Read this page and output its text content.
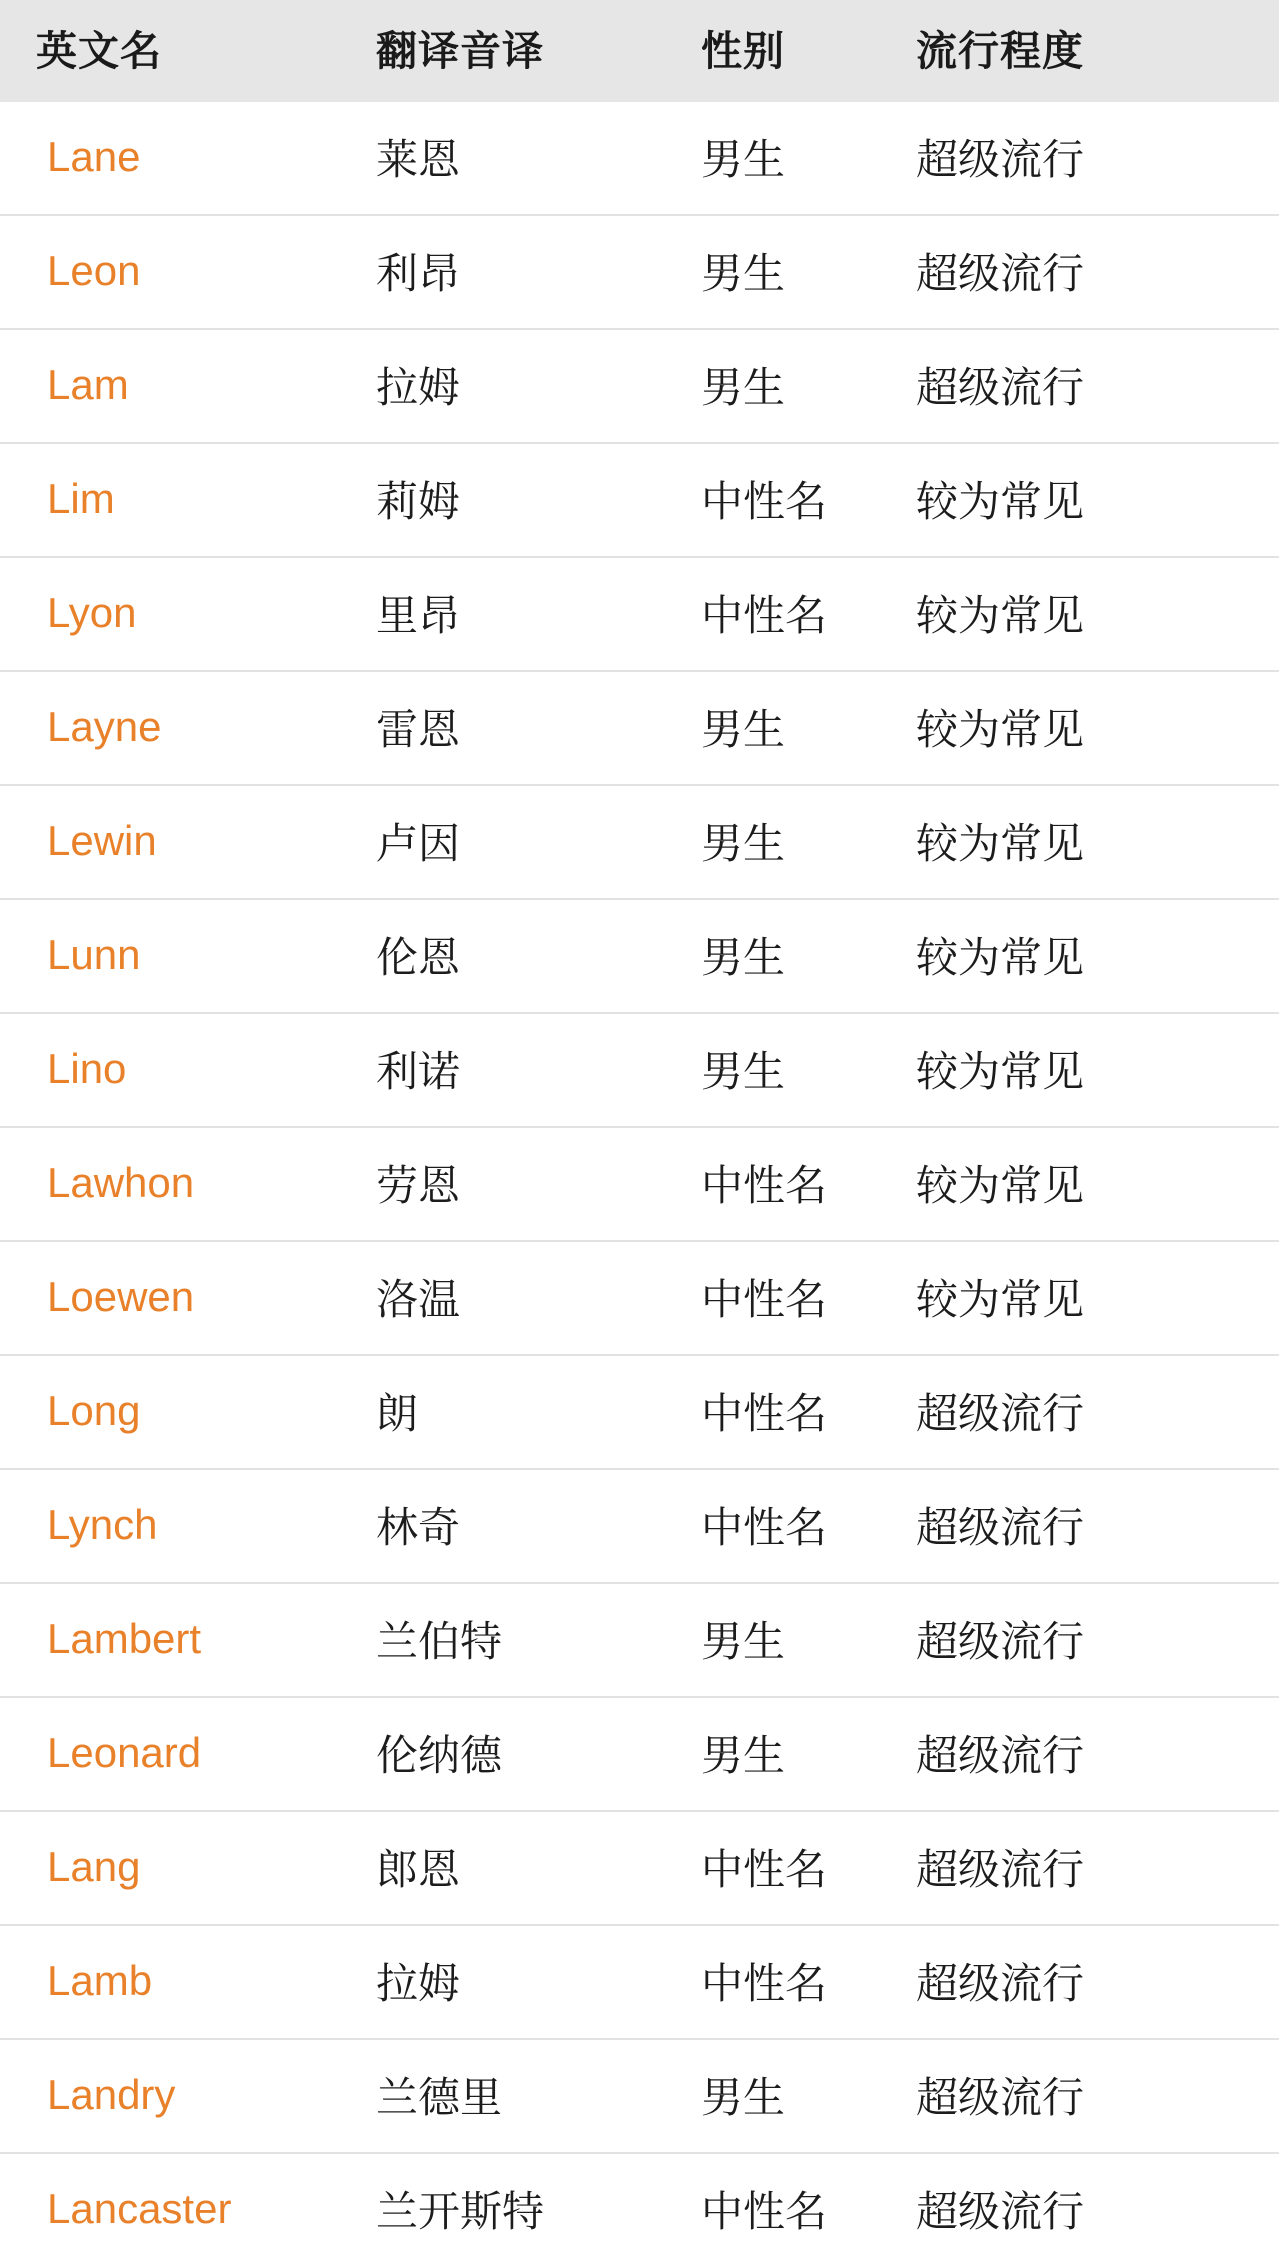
英文名	翻译音译	性别	流行程度
Lane	莱恩	男生	超级流行
Leon	利昂	男生	超级流行
Lam	拉姆	男生	超级流行
Lim	莉姆	中性名	较为常见
Lyon	里昂	中性名	较为常见
Layne	雷恩	男生	较为常见
Lewin	卢因	男生	较为常见
Lunn	伦恩	男生	较为常见
Lino	利诺	男生	较为常见
Lawhon	劳恩	中性名	较为常见
Loewen	洛温	中性名	较为常见
Long	朗	中性名	超级流行
Lynch	林奇	中性名	超级流行
Lambert	兰伯特	男生	超级流行
Leonard	伦纳德	男生	超级流行
Lang	郎恩	中性名	超级流行
Lamb	拉姆	中性名	超级流行
Landry	兰德里	男生	超级流行
Lancaster	兰开斯特	中性名	超级流行
